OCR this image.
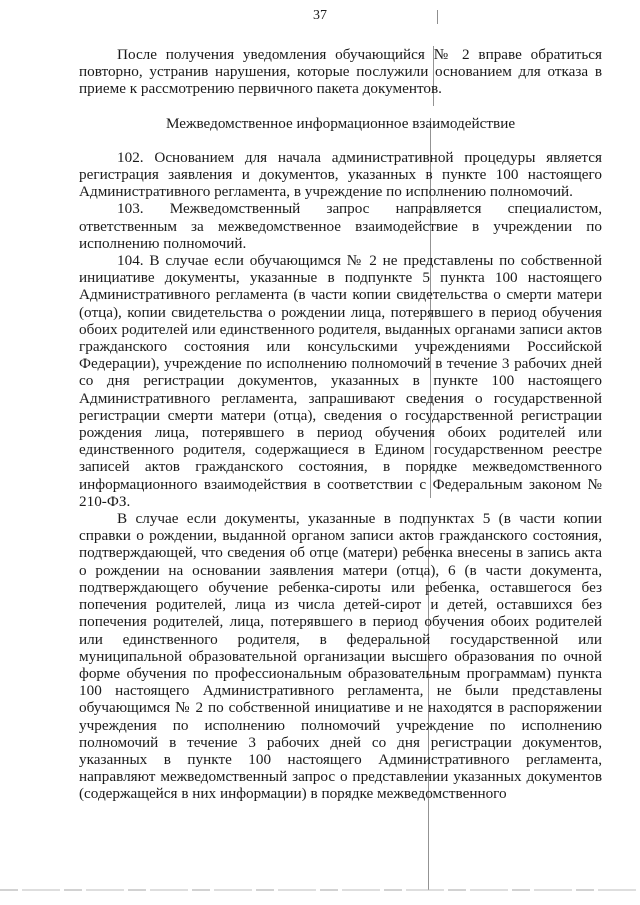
37

После получения уведомления обучающийся № 2 вправе обратиться повторно, устранив нарушения, которые послужили основанием для отказа в приеме к рассмотрению первичного пакета документов.

Межведомственное информационное взаимодействие

102. Основанием для начала административной процедуры является регистрация заявления и документов, указанных в пункте 100 настоящего Административного регламента, в учреждение по исполнению полномочий.

103. Межведомственный запрос направляется специалистом, ответственным за межведомственное взаимодействие в учреждении по исполнению полномочий.

104. В случае если обучающимся № 2 не представлены по собственной инициативе документы, указанные в подпункте 5 пункта 100 настоящего Административного регламента (в части копии свидетельства о смерти матери (отца), копии свидетельства о рождении лица, потерявшего в период обучения обоих родителей или единственного родителя, выданных органами записи актов гражданского состояния или консульскими учреждениями Российской Федерации), учреждение по исполнению полномочий в течение 3 рабочих дней со дня регистрации документов, указанных в пункте 100 настоящего Административного регламента, запрашивают сведения о государственной регистрации смерти матери (отца), сведения о государственной регистрации рождения лица, потерявшего в период обучения обоих родителей или единственного родителя, содержащиеся в Едином государственном реестре записей актов гражданского состояния, в порядке межведомственного информационного взаимодействия в соответствии с Федеральным законом № 210-ФЗ.

В случае если документы, указанные в подпунктах 5 (в части копии справки о рождении, выданной органом записи актов гражданского состояния, подтверждающей, что сведения об отце (матери) ребенка внесены в запись акта о рождении на основании заявления матери (отца), 6 (в части документа, подтверждающего обучение ребенка-сироты или ребенка, оставшегося без попечения родителей, лица из числа детей-сирот и детей, оставшихся без попечения родителей, лица, потерявшего в период обучения обоих родителей или единственного родителя, в федеральной государственной или муниципальной образовательной организации высшего образования по очной форме обучения по профессиональным образовательным программам) пункта 100 настоящего Административного регламента, не были представлены обучающимся № 2 по собственной инициативе и не находятся в распоряжении учреждения по исполнению полномочий учреждение по исполнению полномочий в течение 3 рабочих дней со дня регистрации документов, указанных в пункте 100 настоящего Административного регламента, направляют межведомственный запрос о представлении указанных документов (содержащейся в них информации) в порядке межведомственного
